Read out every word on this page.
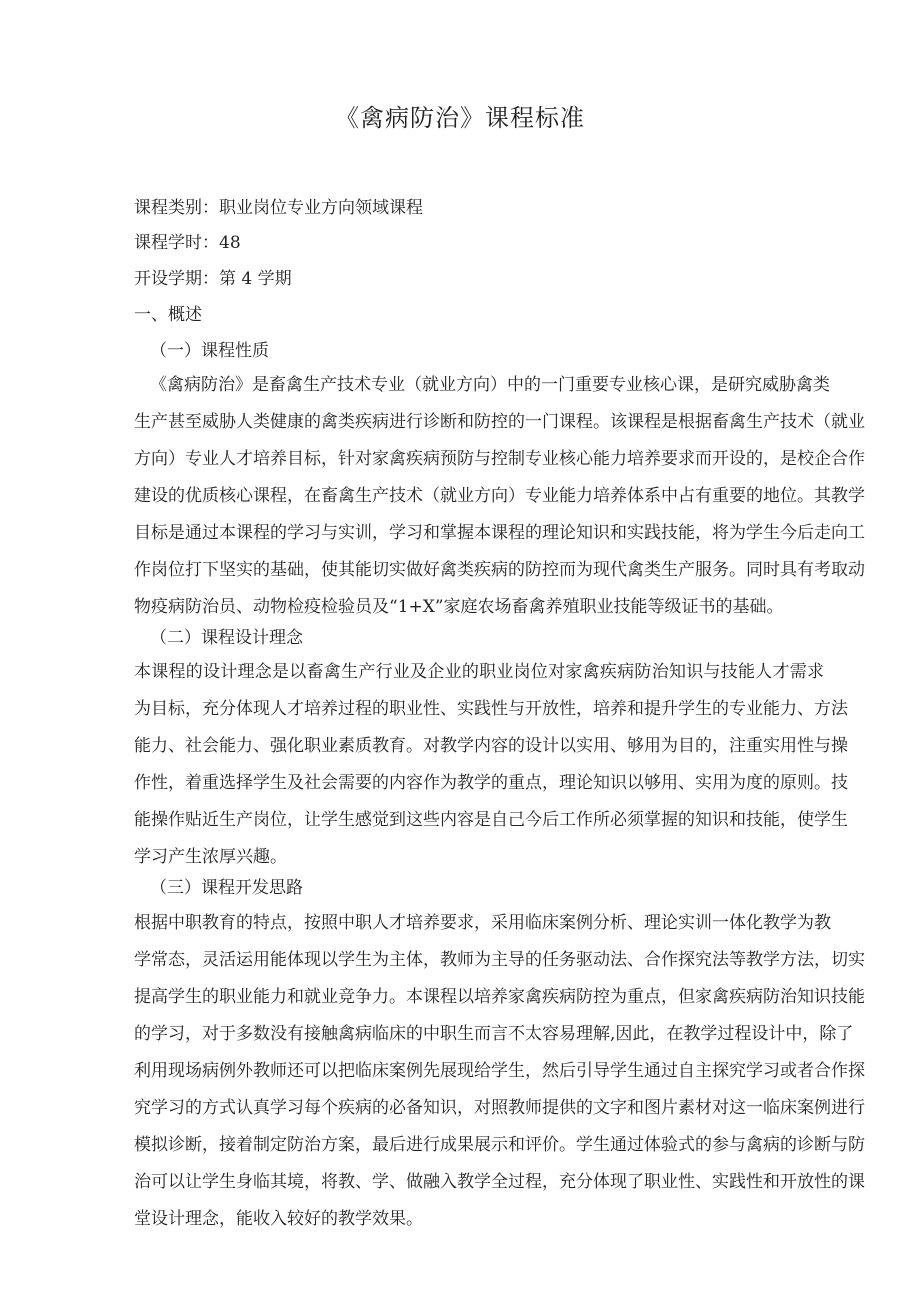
《禽病防治》课程标准
课程类别：职业岗位专业方向领域课程
课程学时：48
开设学期：第 4 学期
一、概述
（一）课程性质
《禽病防治》是畜禽生产技术专业（就业方向）中的一门重要专业核心课，是研究威胁禽类
生产甚至威胁人类健康的禽类疾病进行诊断和防控的一门课程。该课程是根据畜禽生产技术（就业
方向）专业人才培养目标，针对家禽疾病预防与控制专业核心能力培养要求而开设的，是校企合作
建设的优质核心课程，在畜禽生产技术（就业方向）专业能力培养体系中占有重要的地位。其教学
目标是通过本课程的学习与实训，学习和掌握本课程的理论知识和实践技能，将为学生今后走向工
作岗位打下坚实的基础，使其能切实做好禽类疾病的防控而为现代禽类生产服务。同时具有考取动
物疫病防治员、动物检疫检验员及“1+X”家庭农场畜禽养殖职业技能等级证书的基础。
（二）课程设计理念
本课程的设计理念是以畜禽生产行业及企业的职业岗位对家禽疾病防治知识与技能人才需求
为目标，充分体现人才培养过程的职业性、实践性与开放性，培养和提升学生的专业能力、方法
能力、社会能力、强化职业素质教育。对教学内容的设计以实用、够用为目的，注重实用性与操
作性，着重选择学生及社会需要的内容作为教学的重点，理论知识以够用、实用为度的原则。技
能操作贴近生产岗位，让学生感觉到这些内容是自己今后工作所必须掌握的知识和技能，使学生
学习产生浓厚兴趣。
（三）课程开发思路
根据中职教育的特点，按照中职人才培养要求，采用临床案例分析、理论实训一体化教学为教
学常态，灵活运用能体现以学生为主体，教师为主导的任务驱动法、合作探究法等教学方法，切实
提高学生的职业能力和就业竞争力。本课程以培养家禽疾病防控为重点，但家禽疾病防治知识技能
的学习，对于多数没有接触禽病临床的中职生而言不太容易理解,因此，在教学过程设计中，除了
利用现场病例外教师还可以把临床案例先展现给学生，然后引导学生通过自主探究学习或者合作探
究学习的方式认真学习每个疾病的必备知识，对照教师提供的文字和图片素材对这一临床案例进行
模拟诊断，接着制定防治方案，最后进行成果展示和评价。学生通过体验式的参与禽病的诊断与防
治可以让学生身临其境，将教、学、做融入教学全过程，充分体现了职业性、实践性和开放性的课
堂设计理念，能收入较好的教学效果。
